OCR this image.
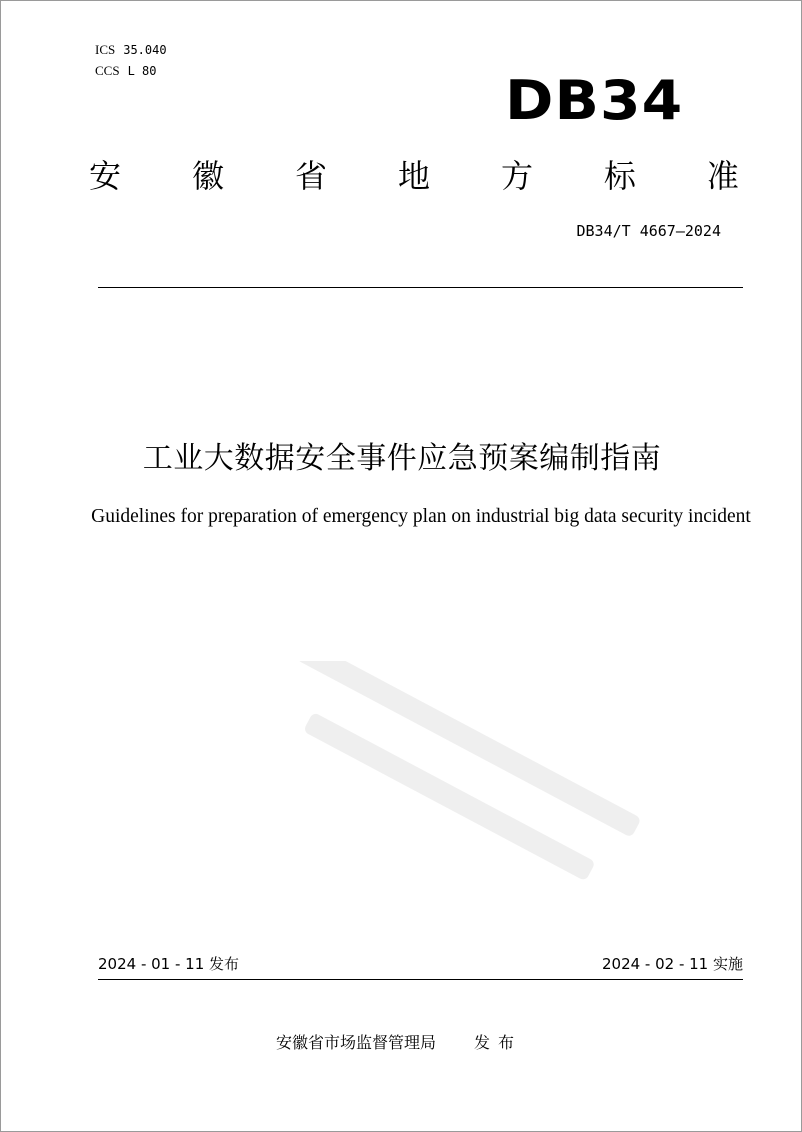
ICS 35.040
CCS L 80	DB34
安 徽 省 地 方 标 准
DB34/T 4667—2024
工业大数据安全事件应急预案编制指南
Guidelines for preparation of emergency plan on industrial big data security incident
2024 - 01 - 11 发布	2024 - 02 - 11 实施
安徽省市场监督管理局 发布
